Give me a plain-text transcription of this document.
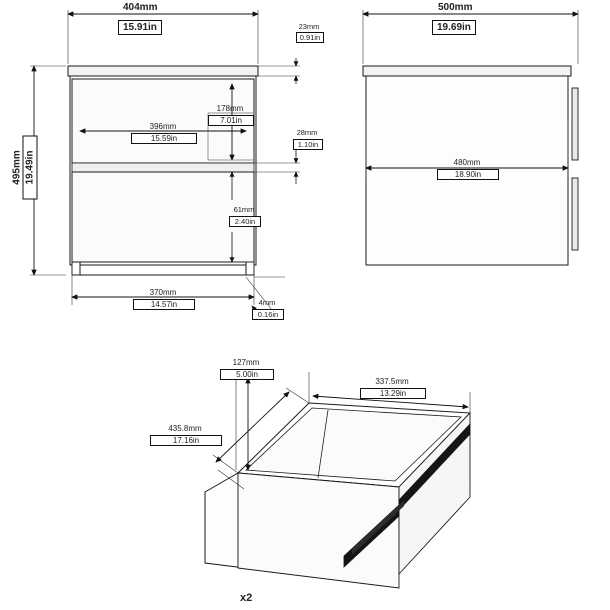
404mm
15.91in
495mm 19.49in
23mm
0.91in
396mm
15.59in
178mm
7.01in
28mm
1.10in
61mm
2.40in
370mm
14.57in	4mm
0.16in
500mm
19.69in
480mm
18.90in
127mm
5.00in
337.5mm
13.29in
435.8mm
17.16in
x2
